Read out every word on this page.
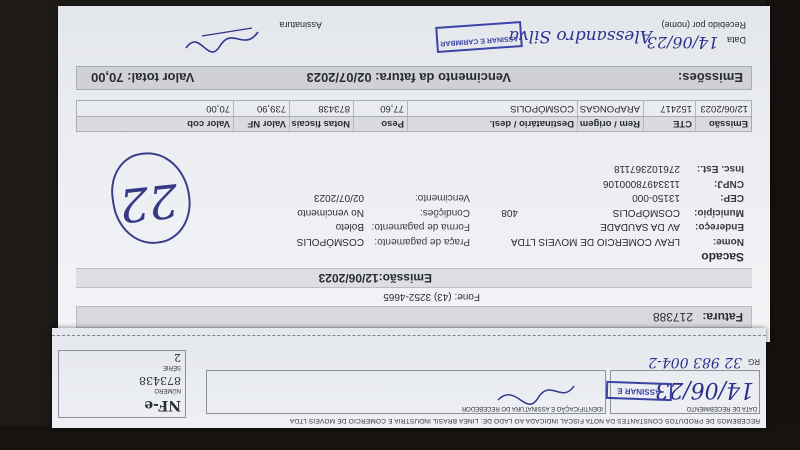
Fatura: 217388
Fone: (43) 3252-4665
Emissão:12/06/2023
Sacado
Nome:LRAV COMERCIO DE MOVEIS LTDA
Endereço:AV DA SAUDADE
Município:COSMÓPOLIS
CEP:13150-000
CNPJ:11334978000106
Insc. Est.:276102367118
408
Praça de pagamento:COSMÓPOLIS
Forma de pagamento:Boleto
Condições:No vencimento
Vencimento:02/07/2023
22
Emissão
CTE
Rem / origem
Destinatário / desl.
Peso
Notas fiscais
Valor NF
Valor cob
12/06/2023
152417
ARAPONGAS
COSMÓPOLIS
77,60
873438
739,90
70,00
Emissões:
Vencimento da fatura: 02/07/2023
Valor total: 70,00
Data 14/06/23
Recebido por (nome)
Alessandro Silva
ASSINAR E CARIMBAR
Assinatura
RECEBEMOS DE PRODUTOS CONSTANTES DA NOTA FISCAL INDICADA AO LADO DE: LINEA BRASIL INDUSTRIA E COMERCIO DE MOVEIS LTDA
DATA DE RECEBIMENTO
14/06/23
ASSINAR E
IDENTIFICAÇÃO E ASSINATURA DO RECEBEDOR
RG
32 983 004-2
NF-e
NÚMERO
873438
SÉRIE
2
